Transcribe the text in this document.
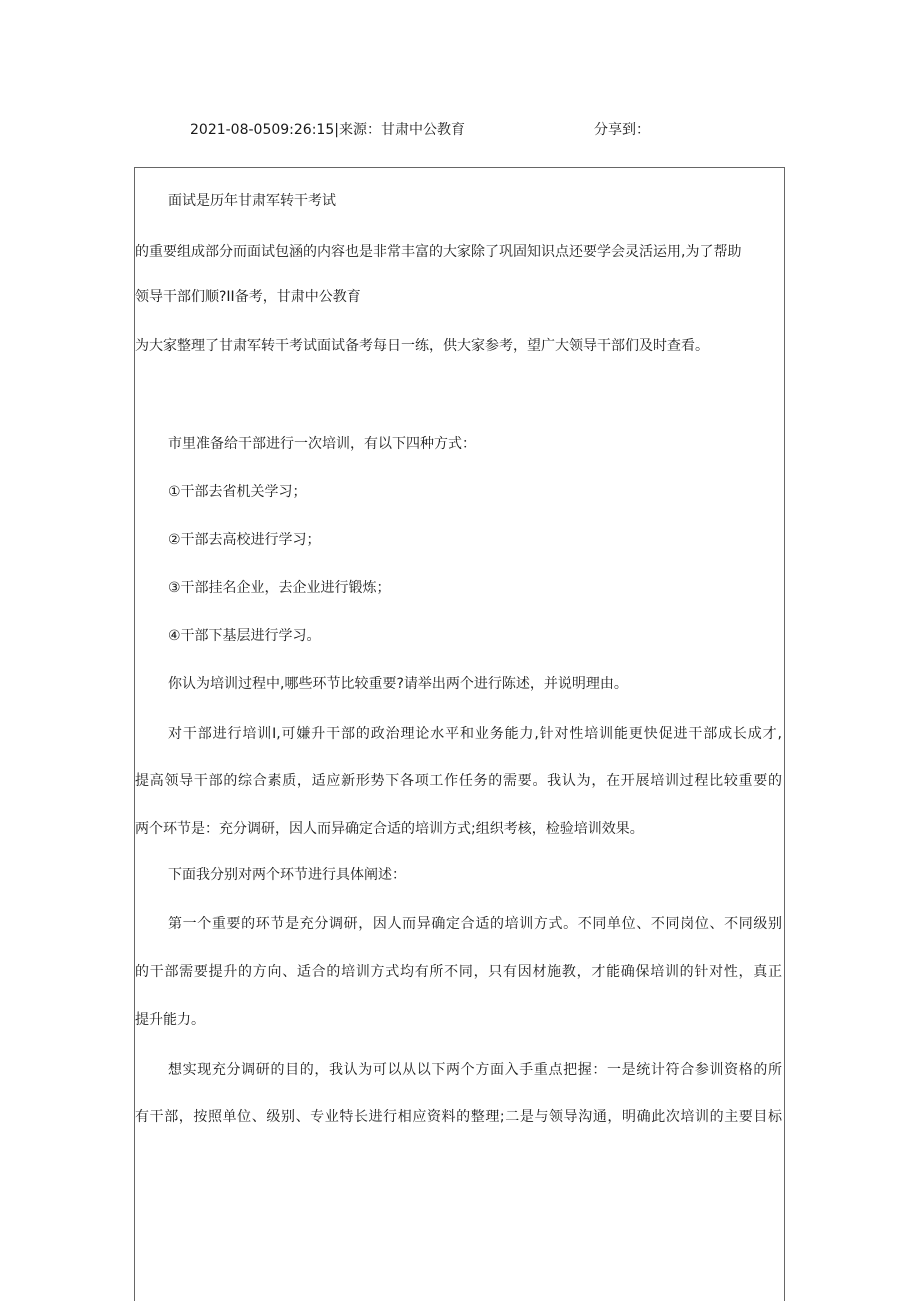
2021-08-0509:26:15|来源：甘肃中公教育	分享到：
面试是历年甘肃军转干考试
的重要组成部分而面试包涵的内容也是非常丰富的大家除了巩固知识点还要学会灵活运用,为了帮助
领导干部们顺?II备考，甘肃中公教育
为大家整理了甘肃军转干考试面试备考每日一练，供大家参考，望广大领导干部们及时查看。
市里准备给干部进行一次培训，有以下四种方式：
①干部去省机关学习；
②干部去高校进行学习；
③干部挂名企业，去企业进行锻炼；
④干部下基层进行学习。
你认为培训过程中,哪些环节比较重要?请举出两个进行陈述，并说明理由。
对干部进行培训I,可嫌升干部的政治理论水平和业务能力,针对性培训能更快促进干部成长成才,
提高领导干部的综合素质，适应新形势下各项工作任务的需要。我认为，在开展培训过程比较重要的
两个环节是：充分调研，因人而异确定合适的培训方式;组织考核，检验培训效果。
下面我分别对两个环节进行具体阐述：
第一个重要的环节是充分调研，因人而异确定合适的培训方式。不同单位、不同岗位、不同级别
的干部需要提升的方向、适合的培训方式均有所不同，只有因材施教，才能确保培训的针对性，真正
提升能力。
想实现充分调研的目的，我认为可以从以下两个方面入手重点把握：一是统计符合参训资格的所
有干部，按照单位、级别、专业特长进行相应资料的整理;二是与领导沟通，明确此次培训的主要目标
